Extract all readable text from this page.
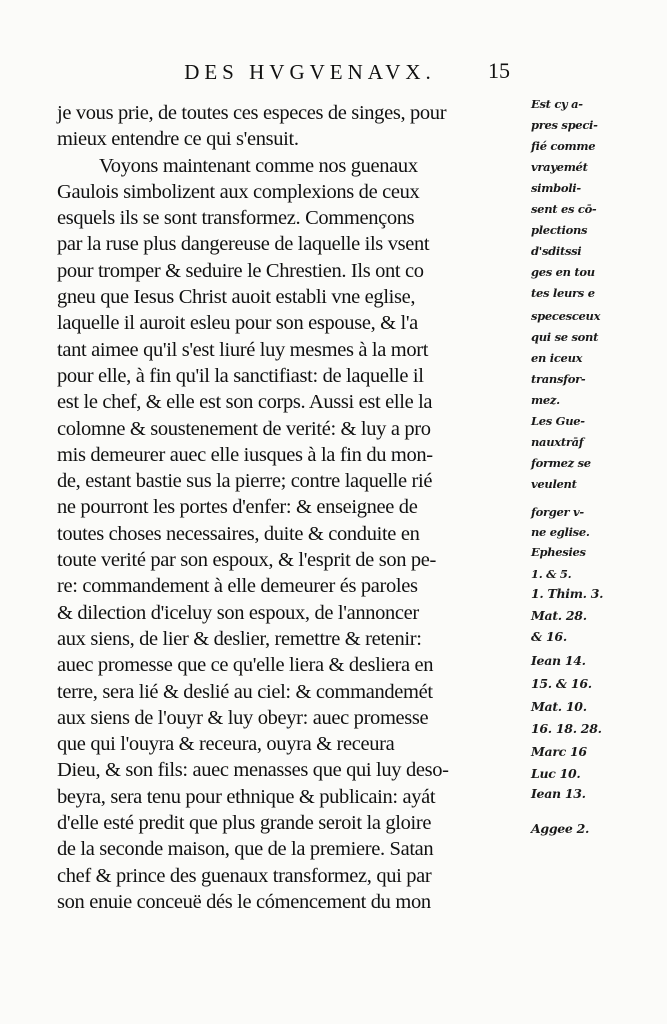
DES HVGVENAVX.	15
je vous prie, de toutes ces especes de singes, pour
mieux entendre ce qui s'ensuit.
Voyons maintenant comme nos guenaux
Gaulois simbolizent aux complexions de ceux
esquels ils se sont transformez. Commençons
par la ruse plus dangereuse de laquelle ils vsent
pour tromper & seduire le Chrestien. Ils ont co
gneu que Iesus Christ auoit establi vne eglise,
laquelle il auroit esleu pour son espouse, & l'a
tant aimee qu'il s'est liuré luy mesmes à la mort
pour elle, à fin qu'il la sanctifiast: de laquelle il
est le chef, & elle est son corps. Aussi est elle la
colomne & soustenement de verité: & luy a pro
mis demeurer auec elle iusques à la fin du mon-
de, estant bastie sus la pierre; contre laquelle rié
ne pourront les portes d'enfer: & enseignee de
toutes choses necessaires, duite & conduite en
toute verité par son espoux, & l'esprit de son pe-
re: commandement à elle demeurer és paroles
& dilection d'iceluy son espoux, de l'annoncer
aux siens, de lier & deslier, remettre & retenir:
auec promesse que ce qu'elle liera & desliera en
terre, sera lié & deslié au ciel: & commandemét
aux siens de l'ouyr & luy obeyr: auec promesse
que qui l'ouyra & receura, ouyra & receura
Dieu, & son fils: auec menasses que qui luy deso-
beyra, sera tenu pour ethnique & publicain: ayát
d'elle esté predit que plus grande seroit la gloire
de la seconde maison, que de la premiere. Satan
chef & prince des guenaux transformez, qui par
son enuie conceuë dés le cómencement du mon
Est cy a-
pres speci-
fié comme
vrayemét
simboli-
sent es cō-
plections
d'sditssi
ges en tou
tes leurs e
specesceux
qui se sont
en iceux
transfor-
mez.
Les Gue-
nauxtrāf
formez se
veulent
forger v-
ne eglise.
Ephesies
1. & 5.
1. Thim. 3.
Mat. 28.
& 16.
Iean 14.
15. & 16.
Mat. 10.
16. 18. 28.
Marc 16
Luc 10.
Iean 13.
Aggee 2.
